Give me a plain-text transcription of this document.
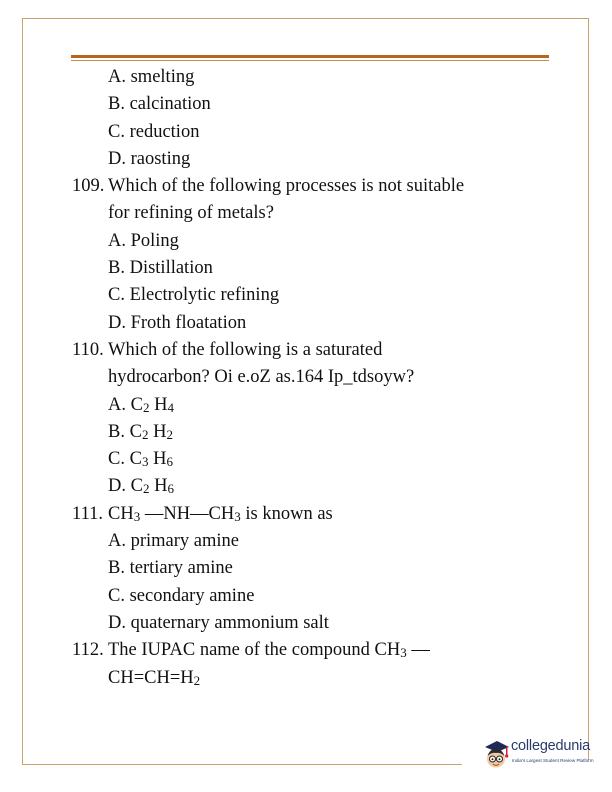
A. smelting
B. calcination
C. reduction
D. raosting
109. Which of the following processes is not suitable
for refining of metals?
A. Poling
B. Distillation
C. Electrolytic refining
D. Froth floatation
110. Which of the following is a saturated
hydrocarbon? Oi e.oZ as.164 Ip_tdsoyw?
A. $C_2$ $H_4$
B. $C_2$ $H_2$
C. $C_3$ $H_6$
D. $C_2$ $H_6$
111. $CH_3$ $—NH—CH_3$ is known as
A. primary amine
B. tertiary amine
C. secondary amine
D. quaternary ammonium salt
112. The IUPAC name of the compound $CH_3$ —
$CH=CH=H_2$
collegedunia
India's Largest Student Review Platform
